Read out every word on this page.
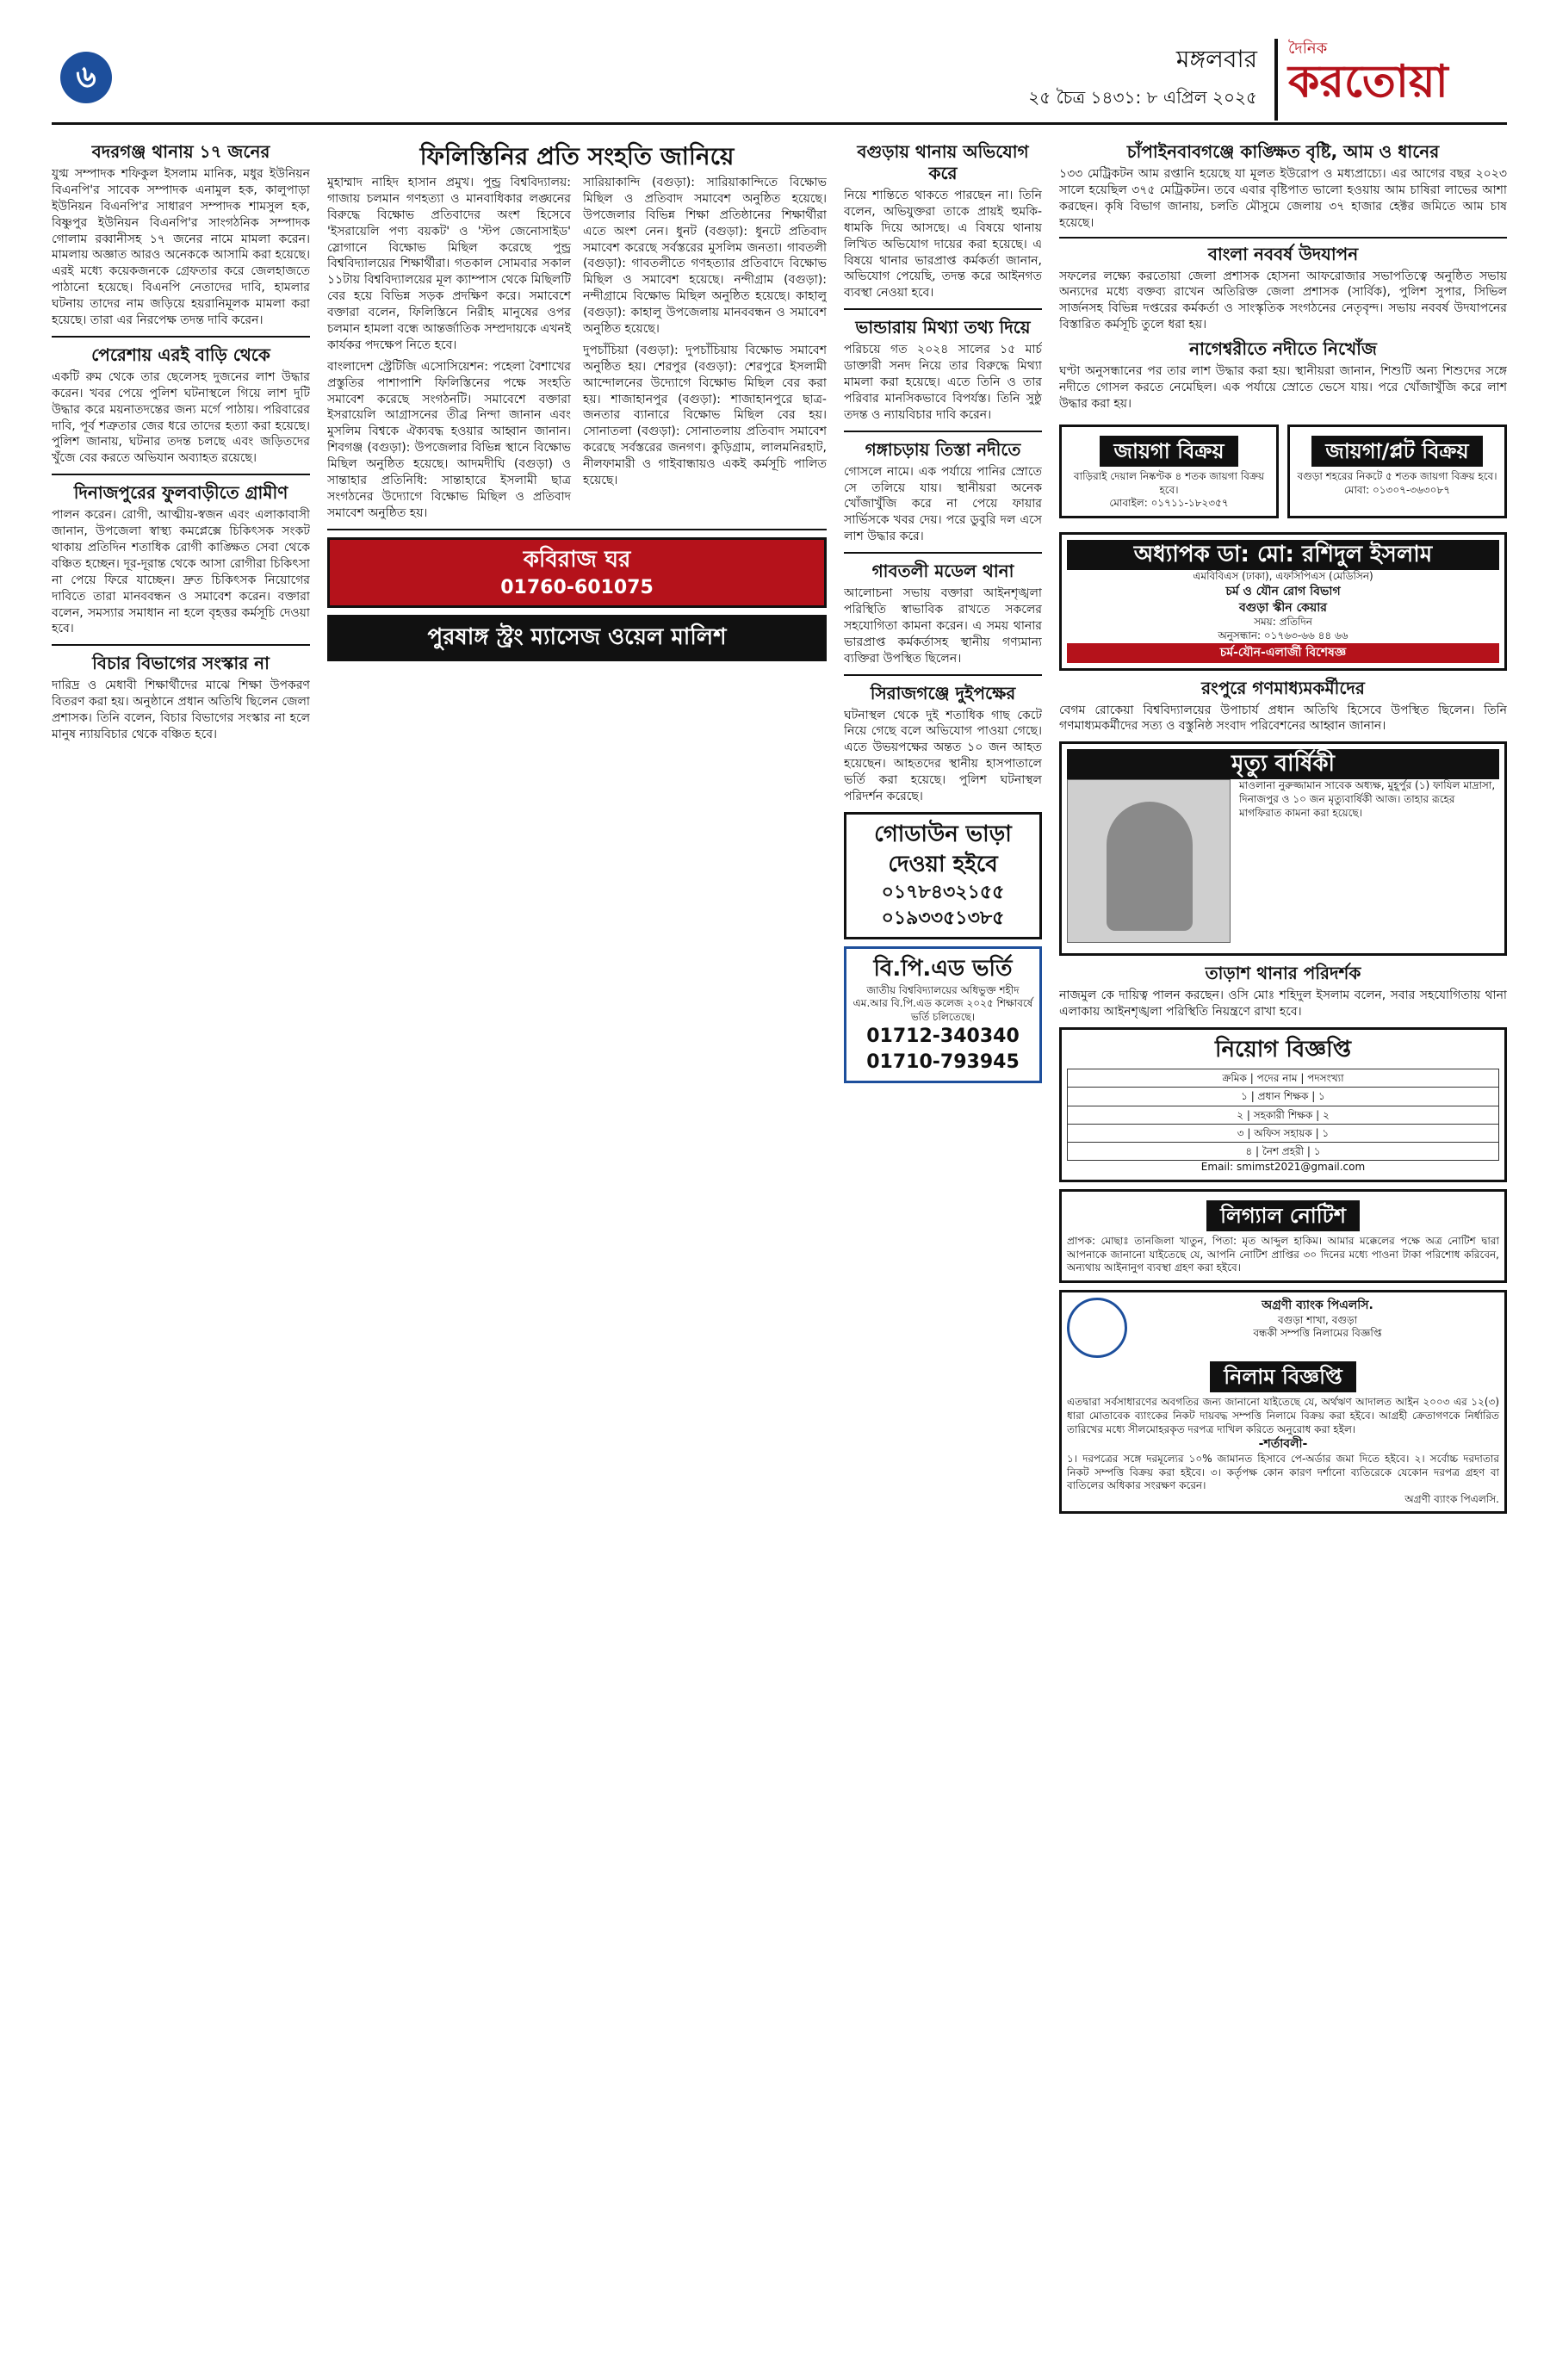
৬
মঙ্গলবার
২৫ চৈত্র ১৪৩১: ৮ এপ্রিল ২০২৫
দৈনিক
করতোয়া
বদরগঞ্জ থানায় ১৭ জনের

যুগ্ম সম্পাদক শফিকুল ইসলাম মানিক, মধুর ইউনিয়ন বিএনপি'র সাবেক সম্পাদক এনামুল হক, কালুপাড়া ইউনিয়ন বিএনপি'র সাধারণ সম্পাদক শামসুল হক, বিষ্ণুপুর ইউনিয়ন বিএনপি'র সাংগঠনিক সম্পাদক গোলাম রব্বানীসহ ১৭ জনের নামে মামলা করেন। মামলায় অজ্ঞাত আরও অনেককে আসামি করা হয়েছে। এরই মধ্যে কয়েকজনকে গ্রেফতার করে জেলহাজতে পাঠানো হয়েছে। বিএনপি নেতাদের দাবি, হামলার ঘটনায় তাদের নাম জড়িয়ে হয়রানিমূলক মামলা করা হয়েছে। তারা এর নিরপেক্ষ তদন্ত দাবি করেন।

পেরেশায় এরই বাড়ি থেকে

একটি রুম থেকে তার ছেলেসহ দুজনের লাশ উদ্ধার করেন। খবর পেয়ে পুলিশ ঘটনাস্থলে গিয়ে লাশ দুটি উদ্ধার করে ময়নাতদন্তের জন্য মর্গে পাঠায়। পরিবারের দাবি, পূর্ব শত্রুতার জের ধরে তাদের হত্যা করা হয়েছে। পুলিশ জানায়, ঘটনার তদন্ত চলছে এবং জড়িতদের খুঁজে বের করতে অভিযান অব্যাহত রয়েছে।

দিনাজপুরের ফুলবাড়ীতে গ্রামীণ

পালন করেন। রোগী, আত্মীয়-স্বজন এবং এলাকাবাসী জানান, উপজেলা স্বাস্থ্য কমপ্লেক্সে চিকিৎসক সংকট থাকায় প্রতিদিন শতাধিক রোগী কাঙ্ক্ষিত সেবা থেকে বঞ্চিত হচ্ছেন। দূর-দূরান্ত থেকে আসা রোগীরা চিকিৎসা না পেয়ে ফিরে যাচ্ছেন। দ্রুত চিকিৎসক নিয়োগের দাবিতে তারা মানববন্ধন ও সমাবেশ করেন। বক্তারা বলেন, সমস্যার সমাধান না হলে বৃহত্তর কর্মসূচি দেওয়া হবে।

বিচার বিভাগের সংস্কার না

দারিদ্র ও মেধাবী শিক্ষার্থীদের মাঝে শিক্ষা উপকরণ বিতরণ করা হয়। অনুষ্ঠানে প্রধান অতিথি ছিলেন জেলা প্রশাসক। তিনি বলেন, বিচার বিভাগের সংস্কার না হলে মানুষ ন্যায়বিচার থেকে বঞ্চিত হবে।

ফিলিস্তিনির প্রতি সংহতি জানিয়ে

মুহাম্মাদ নাহিদ হাসান প্রমুখ। পুন্ড্র বিশ্ববিদ্যালয়: গাজায় চলমান গণহত্যা ও মানবাধিকার লঙ্ঘনের বিরুদ্ধে বিক্ষোভ প্রতিবাদের অংশ হিসেবে 'ইসরায়েলি পণ্য বয়কট' ও 'স্টপ জেনোসাইড' স্লোগানে বিক্ষোভ মিছিল করেছে পুন্ড্র বিশ্ববিদ্যালয়ের শিক্ষার্থীরা। গতকাল সোমবার সকাল ১১টায় বিশ্ববিদ্যালয়ের মূল ক্যাম্পাস থেকে মিছিলটি বের হয়ে বিভিন্ন সড়ক প্রদক্ষিণ করে। সমাবেশে বক্তারা বলেন, ফিলিস্তিনে নিরীহ মানুষের ওপর চলমান হামলা বন্ধে আন্তর্জাতিক সম্প্রদায়কে এখনই কার্যকর পদক্ষেপ নিতে হবে।

বাংলাদেশ স্ট্রেটিজি এসোসিয়েশন: পহেলা বৈশাখের প্রস্তুতির পাশাপাশি ফিলিস্তিনের পক্ষে সংহতি সমাবেশ করেছে সংগঠনটি। সমাবেশে বক্তারা ইসরায়েলি আগ্রাসনের তীব্র নিন্দা জানান এবং মুসলিম বিশ্বকে ঐক্যবদ্ধ হওয়ার আহ্বান জানান। শিবগঞ্জ (বগুড়া): উপজেলার বিভিন্ন স্থানে বিক্ষোভ মিছিল অনুষ্ঠিত হয়েছে। আদমদীঘি (বগুড়া) ও সান্তাহার প্রতিনিধি: সান্তাহারে ইসলামী ছাত্র সংগঠনের উদ্যোগে বিক্ষোভ মিছিল ও প্রতিবাদ সমাবেশ অনুষ্ঠিত হয়।

সারিয়াকান্দি (বগুড়া): সারিয়াকান্দিতে বিক্ষোভ মিছিল ও প্রতিবাদ সমাবেশ অনুষ্ঠিত হয়েছে। উপজেলার বিভিন্ন শিক্ষা প্রতিষ্ঠানের শিক্ষার্থীরা এতে অংশ নেন। ধুনট (বগুড়া): ধুনটে প্রতিবাদ সমাবেশ করেছে সর্বস্তরের মুসলিম জনতা। গাবতলী (বগুড়া): গাবতলীতে গণহত্যার প্রতিবাদে বিক্ষোভ মিছিল ও সমাবেশ হয়েছে। নন্দীগ্রাম (বগুড়া): নন্দীগ্রামে বিক্ষোভ মিছিল অনুষ্ঠিত হয়েছে। কাহালু (বগুড়া): কাহালু উপজেলায় মানববন্ধন ও সমাবেশ অনুষ্ঠিত হয়েছে।

দুপচাঁচিয়া (বগুড়া): দুপচাঁচিয়ায় বিক্ষোভ সমাবেশ অনুষ্ঠিত হয়। শেরপুর (বগুড়া): শেরপুরে ইসলামী আন্দোলনের উদ্যোগে বিক্ষোভ মিছিল বের করা হয়। শাজাহানপুর (বগুড়া): শাজাহানপুরে ছাত্র-জনতার ব্যানারে বিক্ষোভ মিছিল বের হয়। সোনাতলা (বগুড়া): সোনাতলায় প্রতিবাদ সমাবেশ করেছে সর্বস্তরের জনগণ। কুড়িগ্রাম, লালমনিরহাট, নীলফামারী ও গাইবান্ধায়ও একই কর্মসূচি পালিত হয়েছে।

কবিরাজ ঘর
01760-601075
পুরষাঙ্গ স্ট্রং ম্যাসেজ ওয়েল মালিশ
বগুড়ায় থানায় অভিযোগ করে

নিয়ে শান্তিতে থাকতে পারছেন না। তিনি বলেন, অভিযুক্তরা তাকে প্রায়ই হুমকি-ধামকি দিয়ে আসছে। এ বিষয়ে থানায় লিখিত অভিযোগ দায়ের করা হয়েছে। এ বিষয়ে থানার ভারপ্রাপ্ত কর্মকর্তা জানান, অভিযোগ পেয়েছি, তদন্ত করে আইনগত ব্যবস্থা নেওয়া হবে।

ভান্ডারায় মিথ্যা তথ্য দিয়ে

পরিচয়ে গত ২০২৪ সালের ১৫ মার্চ ডাক্তারী সনদ নিয়ে তার বিরুদ্ধে মিথ্যা মামলা করা হয়েছে। এতে তিনি ও তার পরিবার মানসিকভাবে বিপর্যস্ত। তিনি সুষ্ঠু তদন্ত ও ন্যায়বিচার দাবি করেন।

গঙ্গাচড়ায় তিস্তা নদীতে

গোসলে নামে। এক পর্যায়ে পানির স্রোতে সে তলিয়ে যায়। স্থানীয়রা অনেক খোঁজাখুঁজি করে না পেয়ে ফায়ার সার্ভিসকে খবর দেয়। পরে ডুবুরি দল এসে লাশ উদ্ধার করে।

গাবতলী মডেল থানা

আলোচনা সভায় বক্তারা আইনশৃঙ্খলা পরিস্থিতি স্বাভাবিক রাখতে সকলের সহযোগিতা কামনা করেন। এ সময় থানার ভারপ্রাপ্ত কর্মকর্তাসহ স্থানীয় গণ্যমান্য ব্যক্তিরা উপস্থিত ছিলেন।

সিরাজগঞ্জে দুইপক্ষের

ঘটনাস্থল থেকে দুই শতাধিক গাছ কেটে নিয়ে গেছে বলে অভিযোগ পাওয়া গেছে। এতে উভয়পক্ষের অন্তত ১০ জন আহত হয়েছেন। আহতদের স্থানীয় হাসপাতালে ভর্তি করা হয়েছে। পুলিশ ঘটনাস্থল পরিদর্শন করেছে।

গোডাউন ভাড়া দেওয়া হইবে
০১৭৮৪৩২১৫৫
০১৯৩৩৫১৩৮৫
বি.পি.এড ভর্তি

জাতীয় বিশ্ববিদ্যালয়ের অধিভুক্ত শহীদ এম.আর বি.পি.এড কলেজ ২০২৫ শিক্ষাবর্ষে ভর্তি চলিতেছে।

01712-340340
01710-793945
চাঁপাইনবাবগঞ্জে কাঙ্ক্ষিত বৃষ্টি, আম ও ধানের

১৩৩ মেট্রিকটন আম রপ্তানি হয়েছে যা মূলত ইউরোপ ও মধ্যপ্রাচ্যে। এর আগের বছর ২০২৩ সালে হয়েছিল ৩৭৫ মেট্রিকটন। তবে এবার বৃষ্টিপাত ভালো হওয়ায় আম চাষিরা লাভের আশা করছেন। কৃষি বিভাগ জানায়, চলতি মৌসুমে জেলায় ৩৭ হাজার হেক্টর জমিতে আম চাষ হয়েছে।

বাংলা নববর্ষ উদযাপন

সফলের লক্ষ্যে করতোয়া জেলা প্রশাসক হোসনা আফরোজার সভাপতিত্বে অনুষ্ঠিত সভায় অন্যদের মধ্যে বক্তব্য রাখেন অতিরিক্ত জেলা প্রশাসক (সার্বিক), পুলিশ সুপার, সিভিল সার্জনসহ বিভিন্ন দপ্তরের কর্মকর্তা ও সাংস্কৃতিক সংগঠনের নেতৃবৃন্দ। সভায় নববর্ষ উদযাপনের বিস্তারিত কর্মসূচি তুলে ধরা হয়।

নাগেশ্বরীতে নদীতে নিখোঁজ

ঘণ্টা অনুসন্ধানের পর তার লাশ উদ্ধার করা হয়। স্থানীয়রা জানান, শিশুটি অন্য শিশুদের সঙ্গে নদীতে গোসল করতে নেমেছিল। এক পর্যায়ে স্রোতে ভেসে যায়। পরে খোঁজাখুঁজি করে লাশ উদ্ধার করা হয়।

জায়গা বিক্রয়

বাড়িরাই দেয়াল নিষ্কণ্টক ৪ শতক জায়গা বিক্রয় হবে।

মোবাইল: ০১৭১১-১৮২৩৫৭
জায়গা/প্লট বিক্রয়

বগুড়া শহরের নিকটে ৫ শতক জায়গা বিক্রয় হবে।

মোবা: ০১৩০৭-৩৬৩০৮৭
অধ্যাপক ডা: মো: রশিদুল ইসলাম
এমবিবিএস (ঢাকা), এফসিপিএস (মেডিসিন)
চর্ম ও যৌন রোগ বিভাগ
বগুড়া স্কীন কেয়ার
সময়: প্রতিদিন
অনুসন্ধান: ০১৭৬৩-৬৬ ৪৪ ৬৬
চর্ম-যৌন-এলার্জী বিশেষজ্ঞ
রংপুরে গণমাধ্যমকর্মীদের

বেগম রোকেয়া বিশ্ববিদ্যালয়ের উপাচার্য প্রধান অতিথি হিসেবে উপস্থিত ছিলেন। তিনি গণমাধ্যমকর্মীদের সত্য ও বস্তুনিষ্ঠ সংবাদ পরিবেশনের আহ্বান জানান।

মৃত্যু বার্ষিকী

মাওলানা নুরুজ্জামান সাবেক অধ্যক্ষ, মুহূর্পুর (১) ফাযিল মাদ্রাসা, দিনাজপুর ও ১০ জন মৃত্যুবার্ষিকী আজ। তাহার রূহের মাগফিরাত কামনা করা হয়েছে।

তাড়াশ থানার পরিদর্শক

নাজমুল কে দায়িত্ব পালন করছেন। ওসি মোঃ শহিদুল ইসলাম বলেন, সবার সহযোগিতায় থানা এলাকায় আইনশৃঙ্খলা পরিস্থিতি নিয়ন্ত্রণে রাখা হবে।

নিয়োগ বিজ্ঞপ্তি
ক্রমিক | পদের নাম | পদসংখ্যা
১ | প্রধান শিক্ষক | ১
২ | সহকারী শিক্ষক | ২
৩ | অফিস সহায়ক | ১
৪ | নৈশ প্রহরী | ১
Email: smimst2021@gmail.com
লিগ্যাল নোটিশ

প্রাপক: মোছাঃ তানজিলা খাতুন, পিতা: মৃত আব্দুল হাকিম। আমার মক্কেলের পক্ষে অত্র নোটিশ দ্বারা আপনাকে জানানো যাইতেছে যে, আপনি নোটিশ প্রাপ্তির ৩০ দিনের মধ্যে পাওনা টাকা পরিশোধ করিবেন, অন্যথায় আইনানুগ ব্যবস্থা গ্রহণ করা হইবে।

অগ্রণী ব্যাংক পিএলসি.
বগুড়া শাখা, বগুড়া
বন্ধকী সম্পত্তি নিলামের বিজ্ঞপ্তি
নিলাম বিজ্ঞপ্তি

এতদ্বারা সর্বসাধারণের অবগতির জন্য জানানো যাইতেছে যে, অর্থঋণ আদালত আইন ২০০৩ এর ১২(৩) ধারা মোতাবেক ব্যাংকের নিকট দায়বদ্ধ সম্পত্তি নিলামে বিক্রয় করা হইবে। আগ্রহী ক্রেতাগণকে নির্ধারিত তারিখের মধ্যে সীলমোহরকৃত দরপত্র দাখিল করিতে অনুরোধ করা হইল।

-শর্তাবলী-

১। দরপত্রের সঙ্গে দরমূল্যের ১০% জামানত হিসাবে পে-অর্ডার জমা দিতে হইবে। ২। সর্বোচ্চ দরদাতার নিকট সম্পত্তি বিক্রয় করা হইবে। ৩। কর্তৃপক্ষ কোন কারণ দর্শানো ব্যতিরেকে যেকোন দরপত্র গ্রহণ বা বাতিলের অধিকার সংরক্ষণ করেন।

অগ্রণী ব্যাংক পিএলসি.
